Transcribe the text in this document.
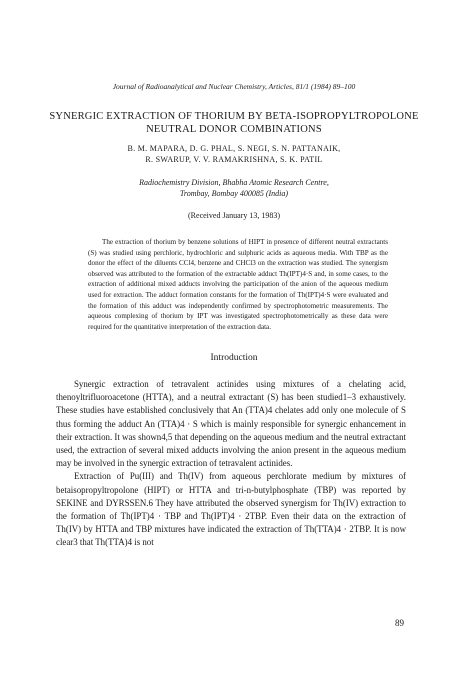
Journal of Radioanalytical and Nuclear Chemistry, Articles, 81/1 (1984) 89–100
SYNERGIC EXTRACTION OF THORIUM BY BETA-ISOPROPYLTROPOLONE
NEUTRAL DONOR COMBINATIONS
B. M. MAPARA, D. G. PHAL, S. NEGI, S. N. PATTANAIK,
R. SWARUP, V. V. RAMAKRISHNA, S. K. PATIL
Radiochemistry Division, Bhabha Atomic Research Centre,
Trombay, Bombay 400085 (India)
(Received January 13, 1983)

The extraction of thorium by benzene solutions of HIPT in presence of different neutral extractants (S) was studied using perchloric, hydrochloric and sulphuric acids as aqueous media. With TBP as the donor the effect of the diluents CCl4, benzene and CHCl3 on the extraction was studied. The synergism observed was attributed to the formation of the extractable adduct Th(IPT)4·S and, in some cases, to the extraction of additional mixed adducts involving the participation of the anion of the aqueous medium used for extraction. The adduct formation constants for the formation of Th(IPT)4·S were evaluated and the formation of this adduct was independently confirmed by spectrophotometric measurements. The aqueous complexing of thorium by IPT was investigated spectrophotometrically as these data were required for the quantitative interpretation of the extraction data.

Introduction

Synergic extraction of tetravalent actinides using mixtures of a chelating acid, thenoyltrifluoroacetone (HTTA), and a neutral extractant (S) has been studied1–3 exhaustively. These studies have established conclusively that An (TTA)4 chelates add only one molecule of S thus forming the adduct An (TTA)4 · S which is mainly responsible for synergic enhancement in their extraction. It was shown4,5 that depending on the aqueous medium and the neutral extractant used, the extraction of several mixed adducts involving the anion present in the aqueous medium may be involved in the synergic extraction of tetravalent actinides.

Extraction of Pu(III) and Th(IV) from aqueous perchlorate medium by mixtures of betaisopropyltropolone (HIPT) or HTTA and tri-n-butylphosphate (TBP) was reported by SEKINE and DYRSSEN.6 They have attributed the observed synergism for Th(IV) extraction to the formation of Th(IPT)4 · TBP and Th(IPT)4 · 2TBP. Even their data on the extraction of Th(IV) by HTTA and TBP mixtures have indicated the extraction of Th(TTA)4 · 2TBP. It is now clear3 that Th(TTA)4 is not

89
